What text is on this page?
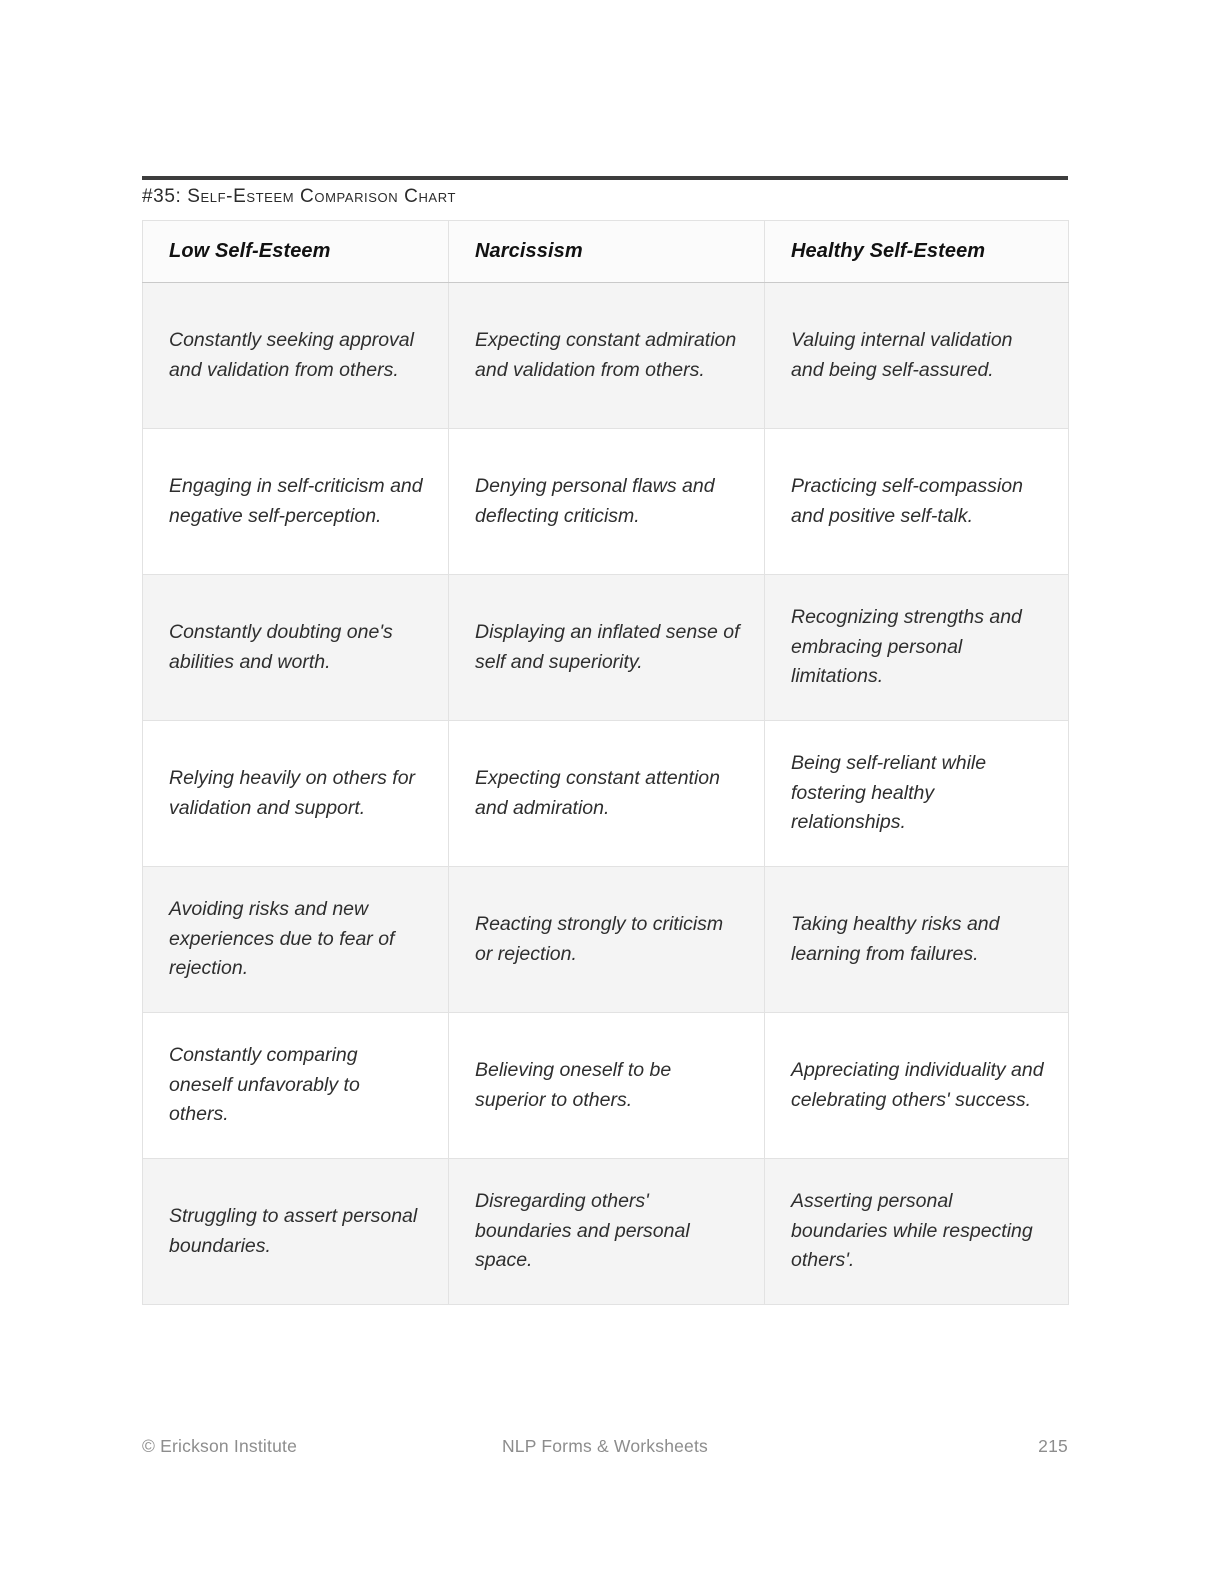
#35: Self-Esteem Comparison Chart
Low Self-Esteem	Narcissism	Healthy Self-Esteem
Constantly seeking approval and validation from others.	Expecting constant admiration and validation from others.	Valuing internal validation and being self-assured.
Engaging in self-criticism and negative self-perception.	Denying personal flaws and deflecting criticism.	Practicing self-compassion and positive self-talk.
Constantly doubting one's abilities and worth.	Displaying an inflated sense of self and superiority.	Recognizing strengths and embracing personal limitations.
Relying heavily on others for validation and support.	Expecting constant attention and admiration.	Being self-reliant while fostering healthy relationships.
Avoiding risks and new experiences due to fear of rejection.	Reacting strongly to criticism or rejection.	Taking healthy risks and learning from failures.
Constantly comparing oneself unfavorably to others.	Believing oneself to be superior to others.	Appreciating individuality and celebrating others' success.
Struggling to assert personal boundaries.	Disregarding others' boundaries and personal space.	Asserting personal boundaries while respecting others'.
© Erickson Institute	NLP Forms & Worksheets	215
